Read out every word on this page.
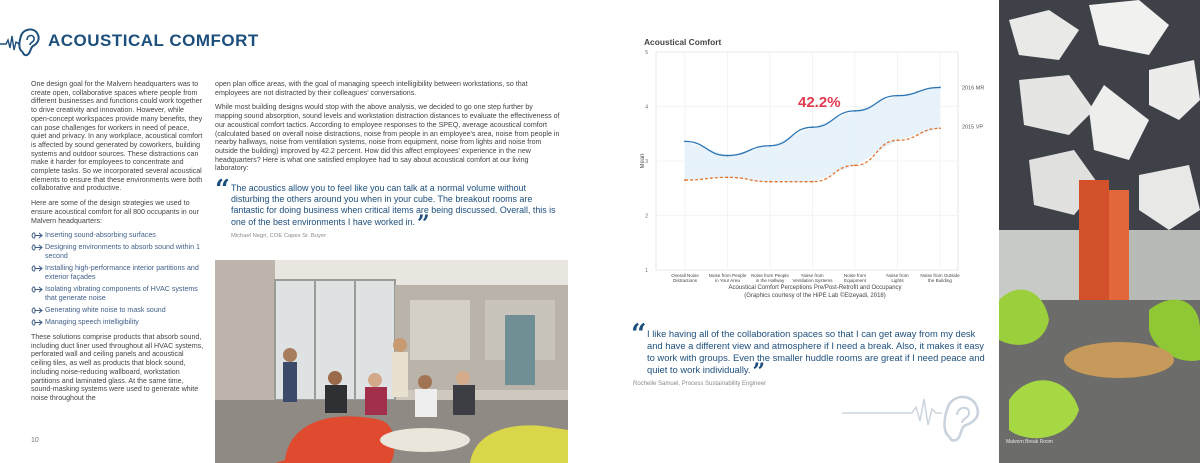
ACOUSTICAL COMFORT

One design goal for the Malvern headquarters was to create open, collaborative spaces where people from different businesses and functions could work together to drive creativity and innovation. However, while open-concept workspaces provide many benefits, they can pose challenges for workers in need of peace, quiet and privacy. In any workplace, acoustical comfort is affected by sound generated by coworkers, building systems and outdoor sources. These distractions can make it harder for employees to concentrate and complete tasks. So we incorporated several acoustical elements to ensure that these environments were both collaborative and productive.

Here are some of the design strategies we used to ensure acoustical comfort for all 800 occupants in our Malvern headquarters:

Inserting sound-absorbing surfaces
Designing environments to absorb sound within 1 second
Installing high-performance interior partitions and exterior façades
Isolating vibrating components of HVAC systems that generate noise
Generating white noise to mask sound
Managing speech intelligibility

These solutions comprise products that absorb sound, including duct liner used throughout all HVAC systems, perforated wall and ceiling panels and acoustical ceiling tiles, as well as products that block sound, including noise-reducing wallboard, workstation partitions and laminated glass. At the same time, sound-masking systems were used to generate white noise throughout the

10

open plan office areas, with the goal of managing speech intelligibility between workstations, so that employees are not distracted by their colleagues' conversations.

While most building designs would stop with the above analysis, we decided to go one step further by mapping sound absorption, sound levels and workstation distraction distances to evaluate the effectiveness of our acoustical comfort tactics. According to employee responses to the SPEQ, average acoustical comfort (calculated based on overall noise distractions, noise from people in an employee's area, noise from people in nearby hallways, noise from ventilation systems, noise from equipment, noise from lights and noise from outside the building) improved by 42.2 percent. How did this affect employees' experience in the new headquarters? Here is what one satisfied employee had to say about acoustical comfort at our living laboratory:

“ The acoustics allow you to feel like you can talk at a normal volume without disturbing the others around you when in your cube. The breakout rooms are fantastic for doing business when critical items are being discussed. Overall, this is one of the best environments I have worked in.”
Michael Negri, COE Capex Sr. Buyer
Acoustical Comfort
2016 MR
2015 VP
1
2
3
4
5
Overall Noise Distractions
Noise from People in Your Area
Noise from People in the Hallway
Noise from Ventilation Systems
Noise from Equipment
Noise from Lights
Noise from Outside the Building
Mean
42.2%
Acoustical Comfort Perceptions Pre/Post-Retrofit and Occupancy
(Graphics courtesy of the HiPE Lab ©Elzeyadi, 2018)
“ I like having all of the collaboration spaces so that I can get away from my desk and have a different view and atmosphere if I need a break. Also, it makes it easy to work with groups. Even the smaller huddle rooms are great if I need peace and quiet to work individually.”
Rochelle Samuel, Process Sustainability Engineer
Malvern Break Room
